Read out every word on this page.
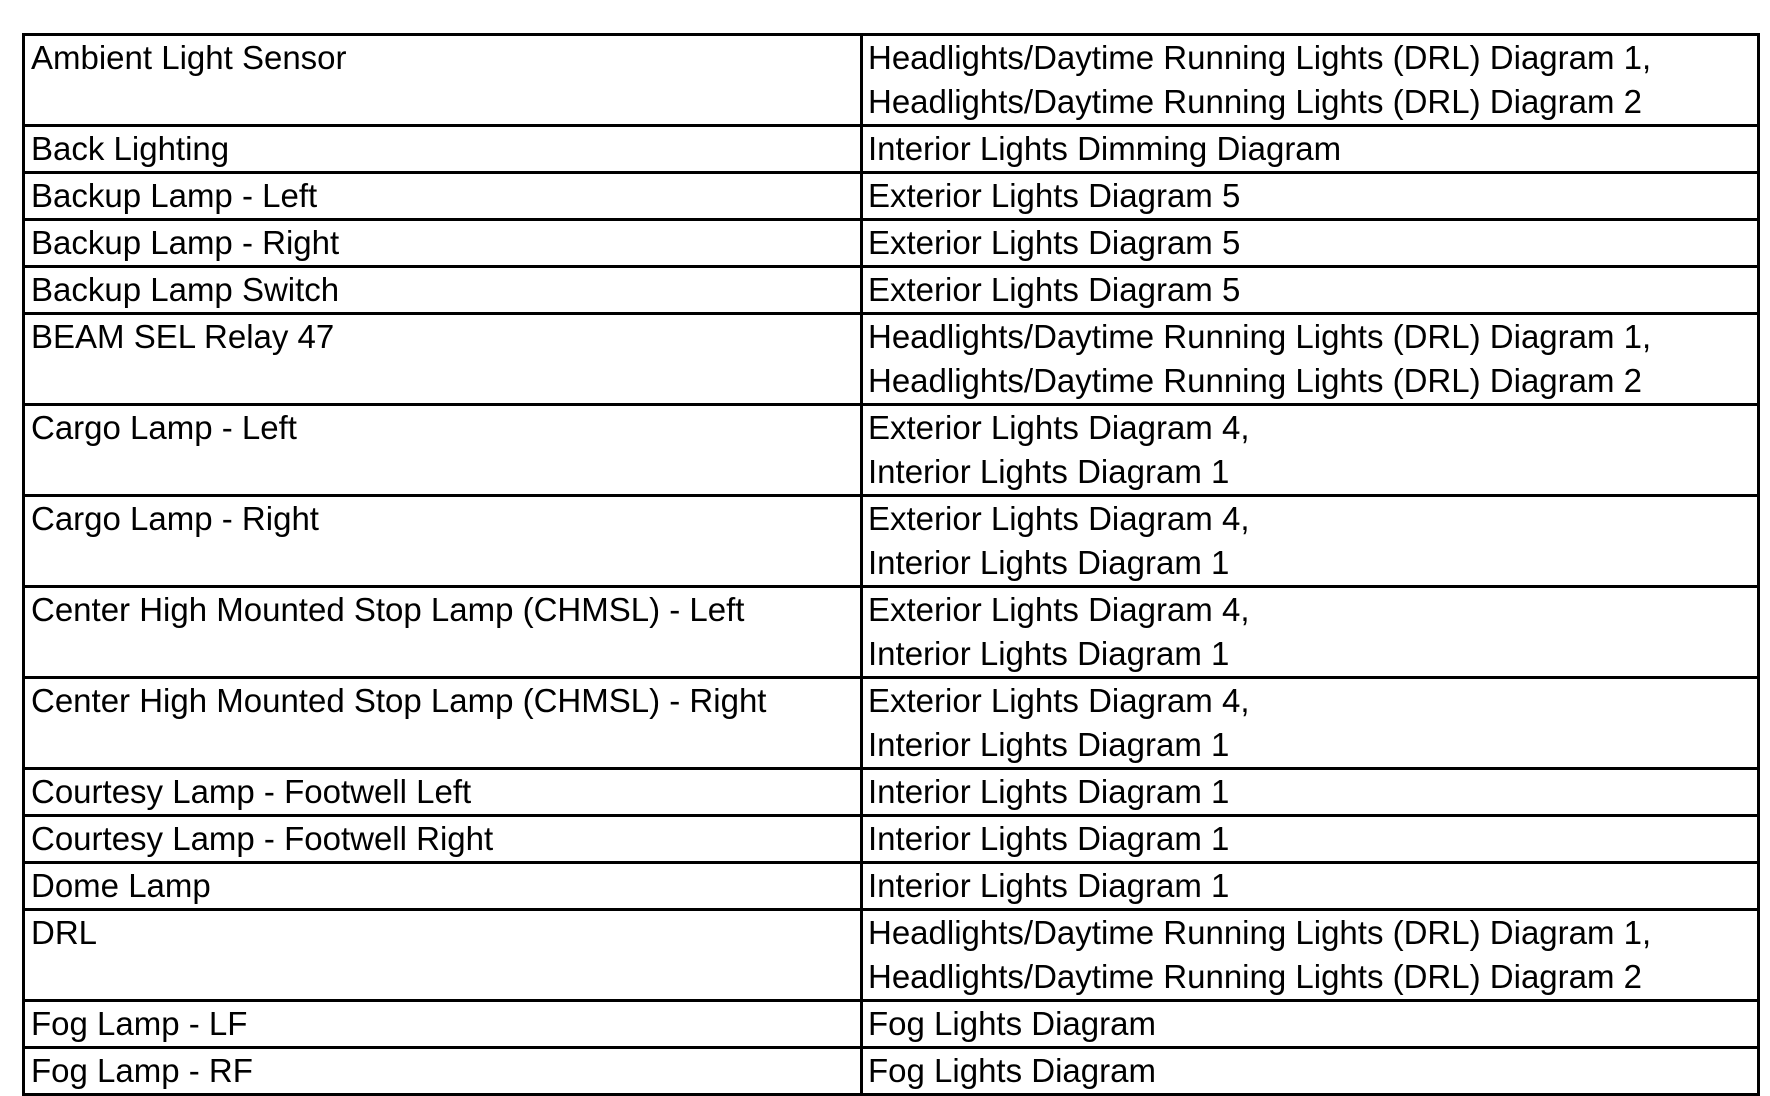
Ambient Light Sensor	Headlights/Daytime Running Lights (DRL) Diagram 1,
Headlights/Daytime Running Lights (DRL) Diagram 2

Back Lighting	Interior Lights Dimming Diagram

Backup Lamp - Left	Exterior Lights Diagram 5

Backup Lamp - Right	Exterior Lights Diagram 5

Backup Lamp Switch	Exterior Lights Diagram 5

BEAM SEL Relay 47	Headlights/Daytime Running Lights (DRL) Diagram 1,
Headlights/Daytime Running Lights (DRL) Diagram 2

Cargo Lamp - Left	Exterior Lights Diagram 4,
Interior Lights Diagram 1

Cargo Lamp - Right	Exterior Lights Diagram 4,
Interior Lights Diagram 1

Center High Mounted Stop Lamp (CHMSL) - Left	Exterior Lights Diagram 4,
Interior Lights Diagram 1

Center High Mounted Stop Lamp (CHMSL) - Right	Exterior Lights Diagram 4,
Interior Lights Diagram 1

Courtesy Lamp - Footwell Left	Interior Lights Diagram 1

Courtesy Lamp - Footwell Right	Interior Lights Diagram 1

Dome Lamp	Interior Lights Diagram 1

DRL	Headlights/Daytime Running Lights (DRL) Diagram 1,
Headlights/Daytime Running Lights (DRL) Diagram 2

Fog Lamp - LF	Fog Lights Diagram

Fog Lamp - RF	Fog Lights Diagram
